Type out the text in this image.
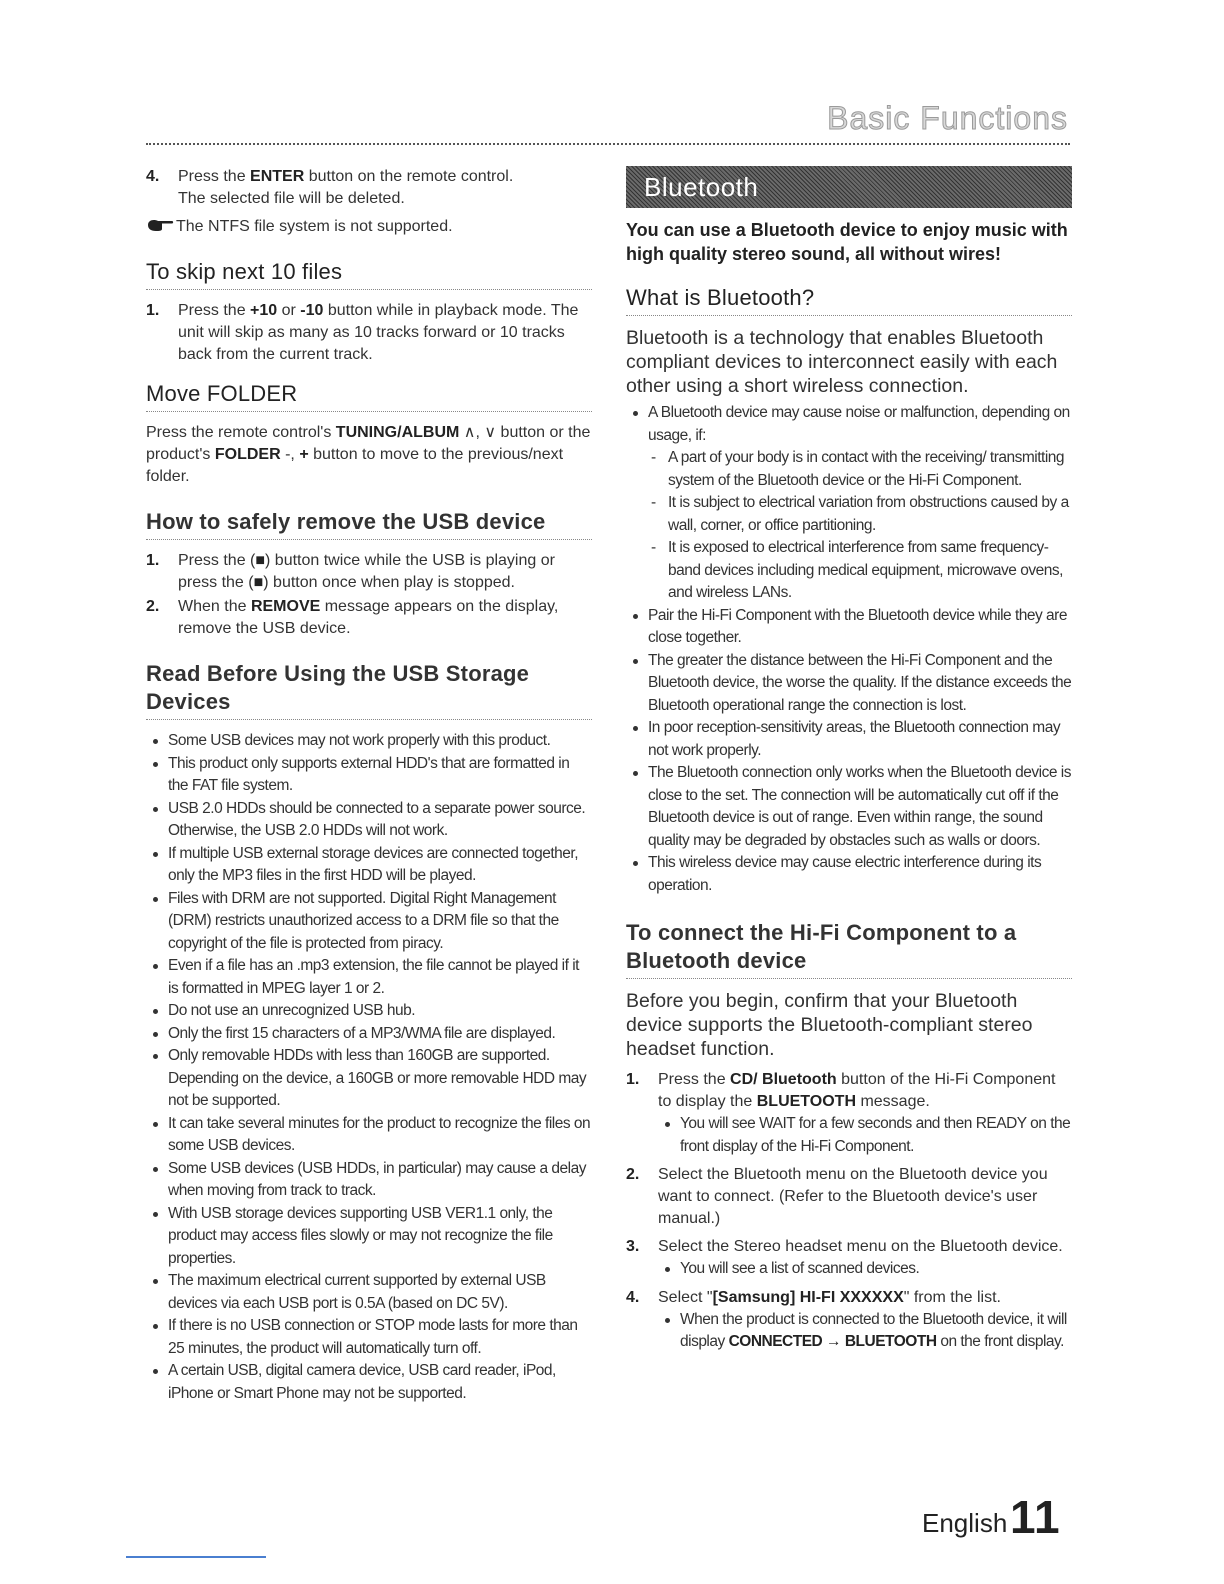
Basic Functions
4.	Press the ENTER button on the remote control.
The selected file will be deleted.
The NTFS file system is not supported.
To skip next 10 files
1.	Press the +10 or -10 button while in playback mode. The unit will skip as many as 10 tracks forward or 10 tracks back from the current track.
Move FOLDER

Press the remote control's TUNING/ALBUM ∧, ∨ button or the product's FOLDER -, + button to move to the previous/next folder.

How to safely remove the USB device
1.	Press the (■) button twice while the USB is playing or press the (■) button once when play is stopped.
2.	When the REMOVE message appears on the display, remove the USB device.
Read Before Using the USB Storage Devices
Some USB devices may not work properly with this product.
This product only supports external HDD's that are formatted in the FAT file system.
USB 2.0 HDDs should be connected to a separate power source. Otherwise, the USB 2.0 HDDs will not work.
If multiple USB external storage devices are connected together, only the MP3 files in the first HDD will be played.
Files with DRM are not supported. Digital Right Management (DRM) restricts unauthorized access to a DRM file so that the copyright of the file is protected from piracy.
Even if a file has an .mp3 extension, the file cannot be played if it is formatted in MPEG layer 1 or 2.
Do not use an unrecognized USB hub.
Only the first 15 characters of a MP3/WMA file are displayed.
Only removable HDDs with less than 160GB are supported. Depending on the device, a 160GB or more removable HDD may not be supported.
It can take several minutes for the product to recognize the files on some USB devices.
Some USB devices (USB HDDs, in particular) may cause a delay when moving from track to track.
With USB storage devices supporting USB VER1.1 only, the product may access files slowly or may not recognize the file properties.
The maximum electrical current supported by external USB devices via each USB port is 0.5A (based on DC 5V).
If there is no USB connection or STOP mode lasts for more than 25 minutes, the product will automatically turn off.
A certain USB, digital camera device, USB card reader, iPod, iPhone or Smart Phone may not be supported.
Bluetooth

You can use a Bluetooth device to enjoy music with high quality stereo sound, all without wires!

What is Bluetooth?

Bluetooth is a technology that enables Bluetooth compliant devices to interconnect easily with each other using a short wireless connection.

A Bluetooth device may cause noise or malfunction, depending on usage, if:
- A part of your body is in contact with the receiving/ transmitting system of the Bluetooth device or the Hi-Fi Component.
- It is subject to electrical variation from obstructions caused by a wall, corner, or office partitioning.
- It is exposed to electrical interference from same frequency-band devices including medical equipment, microwave ovens, and wireless LANs.
Pair the Hi-Fi Component with the Bluetooth device while they are close together.
The greater the distance between the Hi-Fi Component and the Bluetooth device, the worse the quality. If the distance exceeds the Bluetooth operational range the connection is lost.
In poor reception-sensitivity areas, the Bluetooth connection may not work properly.
The Bluetooth connection only works when the Bluetooth device is close to the set. The connection will be automatically cut off if the Bluetooth device is out of range. Even within range, the sound quality may be degraded by obstacles such as walls or doors.
This wireless device may cause electric interference during its operation.
To connect the Hi-Fi Component to a Bluetooth device

Before you begin, confirm that your Bluetooth device supports the Bluetooth-compliant stereo headset function.

1.	Press the CD/ Bluetooth button of the Hi-Fi Component to display the BLUETOOTH message.
You will see WAIT for a few seconds and then READY on the front display of the Hi-Fi Component.
2.	Select the Bluetooth menu on the Bluetooth device you want to connect. (Refer to the Bluetooth device's user manual.)
3.	Select the Stereo headset menu on the Bluetooth device.
You will see a list of scanned devices.
4.	Select "[Samsung] HI-FI XXXXXX" from the list.
When the product is connected to the Bluetooth device, it will display CONNECTED → BLUETOOTH on the front display.
English 11
